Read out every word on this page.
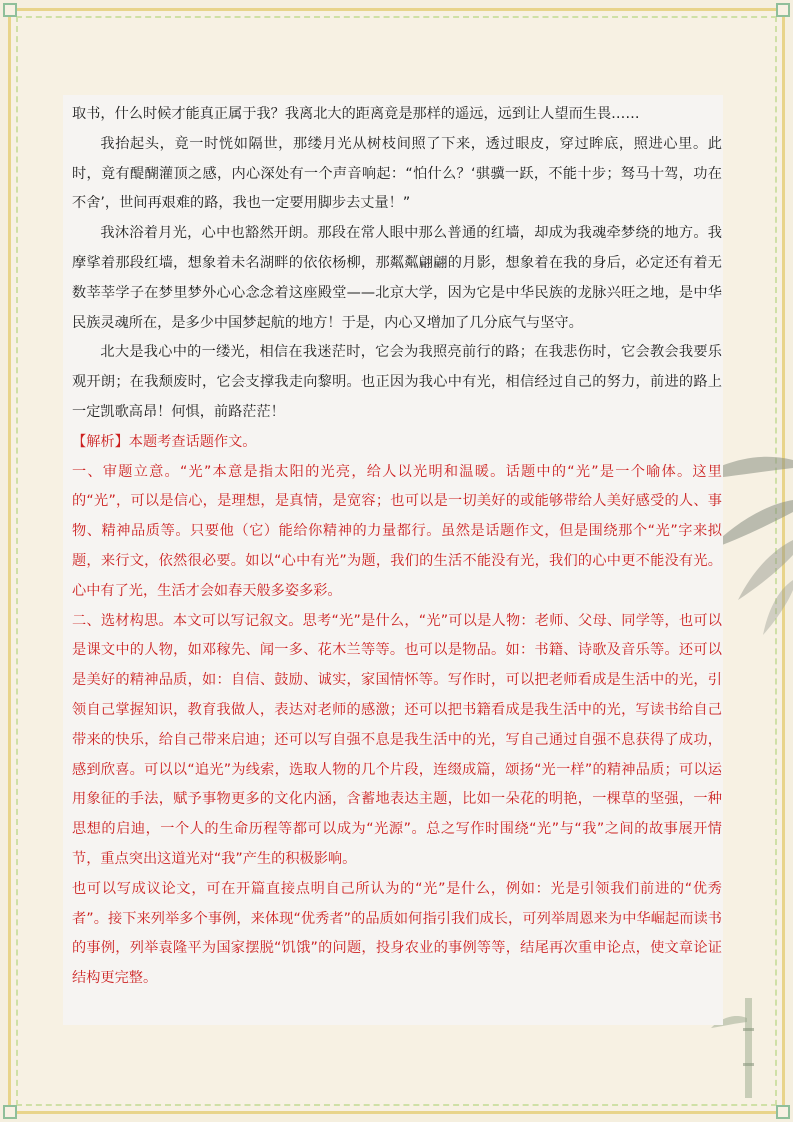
取书，什么时候才能真正属于我？我离北大的距离竟是那样的遥远，远到让人望而生畏……

我抬起头，竟一时恍如隔世，那缕月光从树枝间照了下来，透过眼皮，穿过眸底，照进心里。此时，竟有醍醐灌顶之感，内心深处有一个声音响起：“怕什么？‘骐骥一跃，不能十步；驽马十驾，功在不舍’，世间再艰难的路，我也一定要用脚步去丈量！”

我沐浴着月光，心中也豁然开朗。那段在常人眼中那么普通的红墙，却成为我魂牵梦绕的地方。我摩挲着那段红墙，想象着未名湖畔的依依杨柳，那粼粼翩翩的月影，想象着在我的身后，必定还有着无数莘莘学子在梦里梦外心心念念着这座殿堂——北京大学，因为它是中华民族的龙脉兴旺之地，是中华民族灵魂所在，是多少中国梦起航的地方！于是，内心又增加了几分底气与坚守。

北大是我心中的一缕光，相信在我迷茫时，它会为我照亮前行的路；在我悲伤时，它会教会我要乐观开朗；在我颓废时，它会支撑我走向黎明。也正因为我心中有光，相信经过自己的努力，前进的路上一定凯歌高昂！何惧，前路茫茫！

【解析】本题考查话题作文。

一、审题立意。“光”本意是指太阳的光亮，给人以光明和温暖。话题中的“光”是一个喻体。这里的“光”，可以是信心，是理想，是真情，是宽容；也可以是一切美好的或能够带给人美好感受的人、事物、精神品质等。只要他（它）能给你精神的力量都行。虽然是话题作文，但是围绕那个“光”字来拟题，来行文，依然很必要。如以“心中有光”为题，我们的生活不能没有光，我们的心中更不能没有光。心中有了光，生活才会如春天般多姿多彩。

二、选材构思。本文可以写记叙文。思考“光”是什么，“光”可以是人物：老师、父母、同学等，也可以是课文中的人物，如邓稼先、闻一多、花木兰等等。也可以是物品。如：书籍、诗歌及音乐等。还可以是美好的精神品质，如：自信、鼓励、诚实，家国情怀等。写作时，可以把老师看成是生活中的光，引领自己掌握知识，教育我做人，表达对老师的感激；还可以把书籍看成是我生活中的光，写读书给自己带来的快乐，给自己带来启迪；还可以写自强不息是我生活中的光，写自己通过自强不息获得了成功，感到欣喜。可以以“追光”为线索，选取人物的几个片段，连缀成篇，颂扬“光一样”的精神品质；可以运用象征的手法，赋予事物更多的文化内涵，含蓄地表达主题，比如一朵花的明艳，一棵草的坚强，一种思想的启迪，一个人的生命历程等都可以成为“光源”。总之写作时围绕“光”与“我”之间的故事展开情节，重点突出这道光对“我”产生的积极影响。

也可以写成议论文，可在开篇直接点明自己所认为的“光”是什么，例如：光是引领我们前进的“优秀者”。接下来列举多个事例，来体现“优秀者”的品质如何指引我们成长，可列举周恩来为中华崛起而读书的事例，列举袁隆平为国家摆脱“饥饿”的问题，投身农业的事例等等，结尾再次重申论点，使文章论证结构更完整。
